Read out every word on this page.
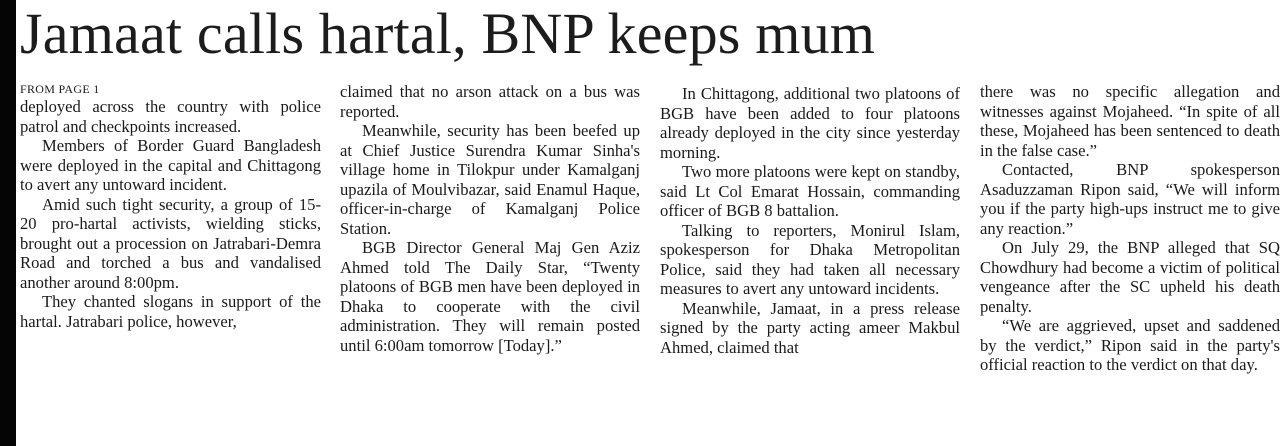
Jamaat calls hartal, BNP keeps mum
FROM PAGE 1

deployed across the country with police patrol and checkpoints increased.

Members of Border Guard Bangladesh were deployed in the capital and Chittagong to avert any untoward incident.

Amid such tight security, a group of 15-20 pro-hartal activists, wielding sticks, brought out a procession on Jatrabari-Demra Road and torched a bus and vandalised another around 8:00pm.

They chanted slogans in support of the hartal. Jatrabari police, however,

claimed that no arson attack on a bus was reported.

Meanwhile, security has been beefed up at Chief Justice Surendra Kumar Sinha's village home in Tilokpur under Kamalganj upazila of Moulvibazar, said Enamul Haque, officer-in-charge of Kamalganj Police Station.

BGB Director General Maj Gen Aziz Ahmed told The Daily Star, “Twenty platoons of BGB men have been deployed in Dhaka to cooperate with the civil administration. They will remain posted until 6:00am tomorrow [Today].”

In Chittagong, additional two platoons of BGB have been added to four platoons already deployed in the city since yesterday morning.

Two more platoons were kept on standby, said Lt Col Emarat Hossain, commanding officer of BGB 8 battalion.

Talking to reporters, Monirul Islam, spokesperson for Dhaka Metropolitan Police, said they had taken all necessary measures to avert any untoward incidents.

Meanwhile, Jamaat, in a press release signed by the party acting ameer Makbul Ahmed, claimed that

there was no specific allegation and witnesses against Mojaheed. “In spite of all these, Mojaheed has been sentenced to death in the false case.”

Contacted, BNP spokesperson Asaduzzaman Ripon said, “We will inform you if the party high-ups instruct me to give any reaction.”

On July 29, the BNP alleged that SQ Chowdhury had become a victim of political vengeance after the SC upheld his death penalty.

“We are aggrieved, upset and saddened by the verdict,” Ripon said in the party's official reaction to the verdict on that day.
